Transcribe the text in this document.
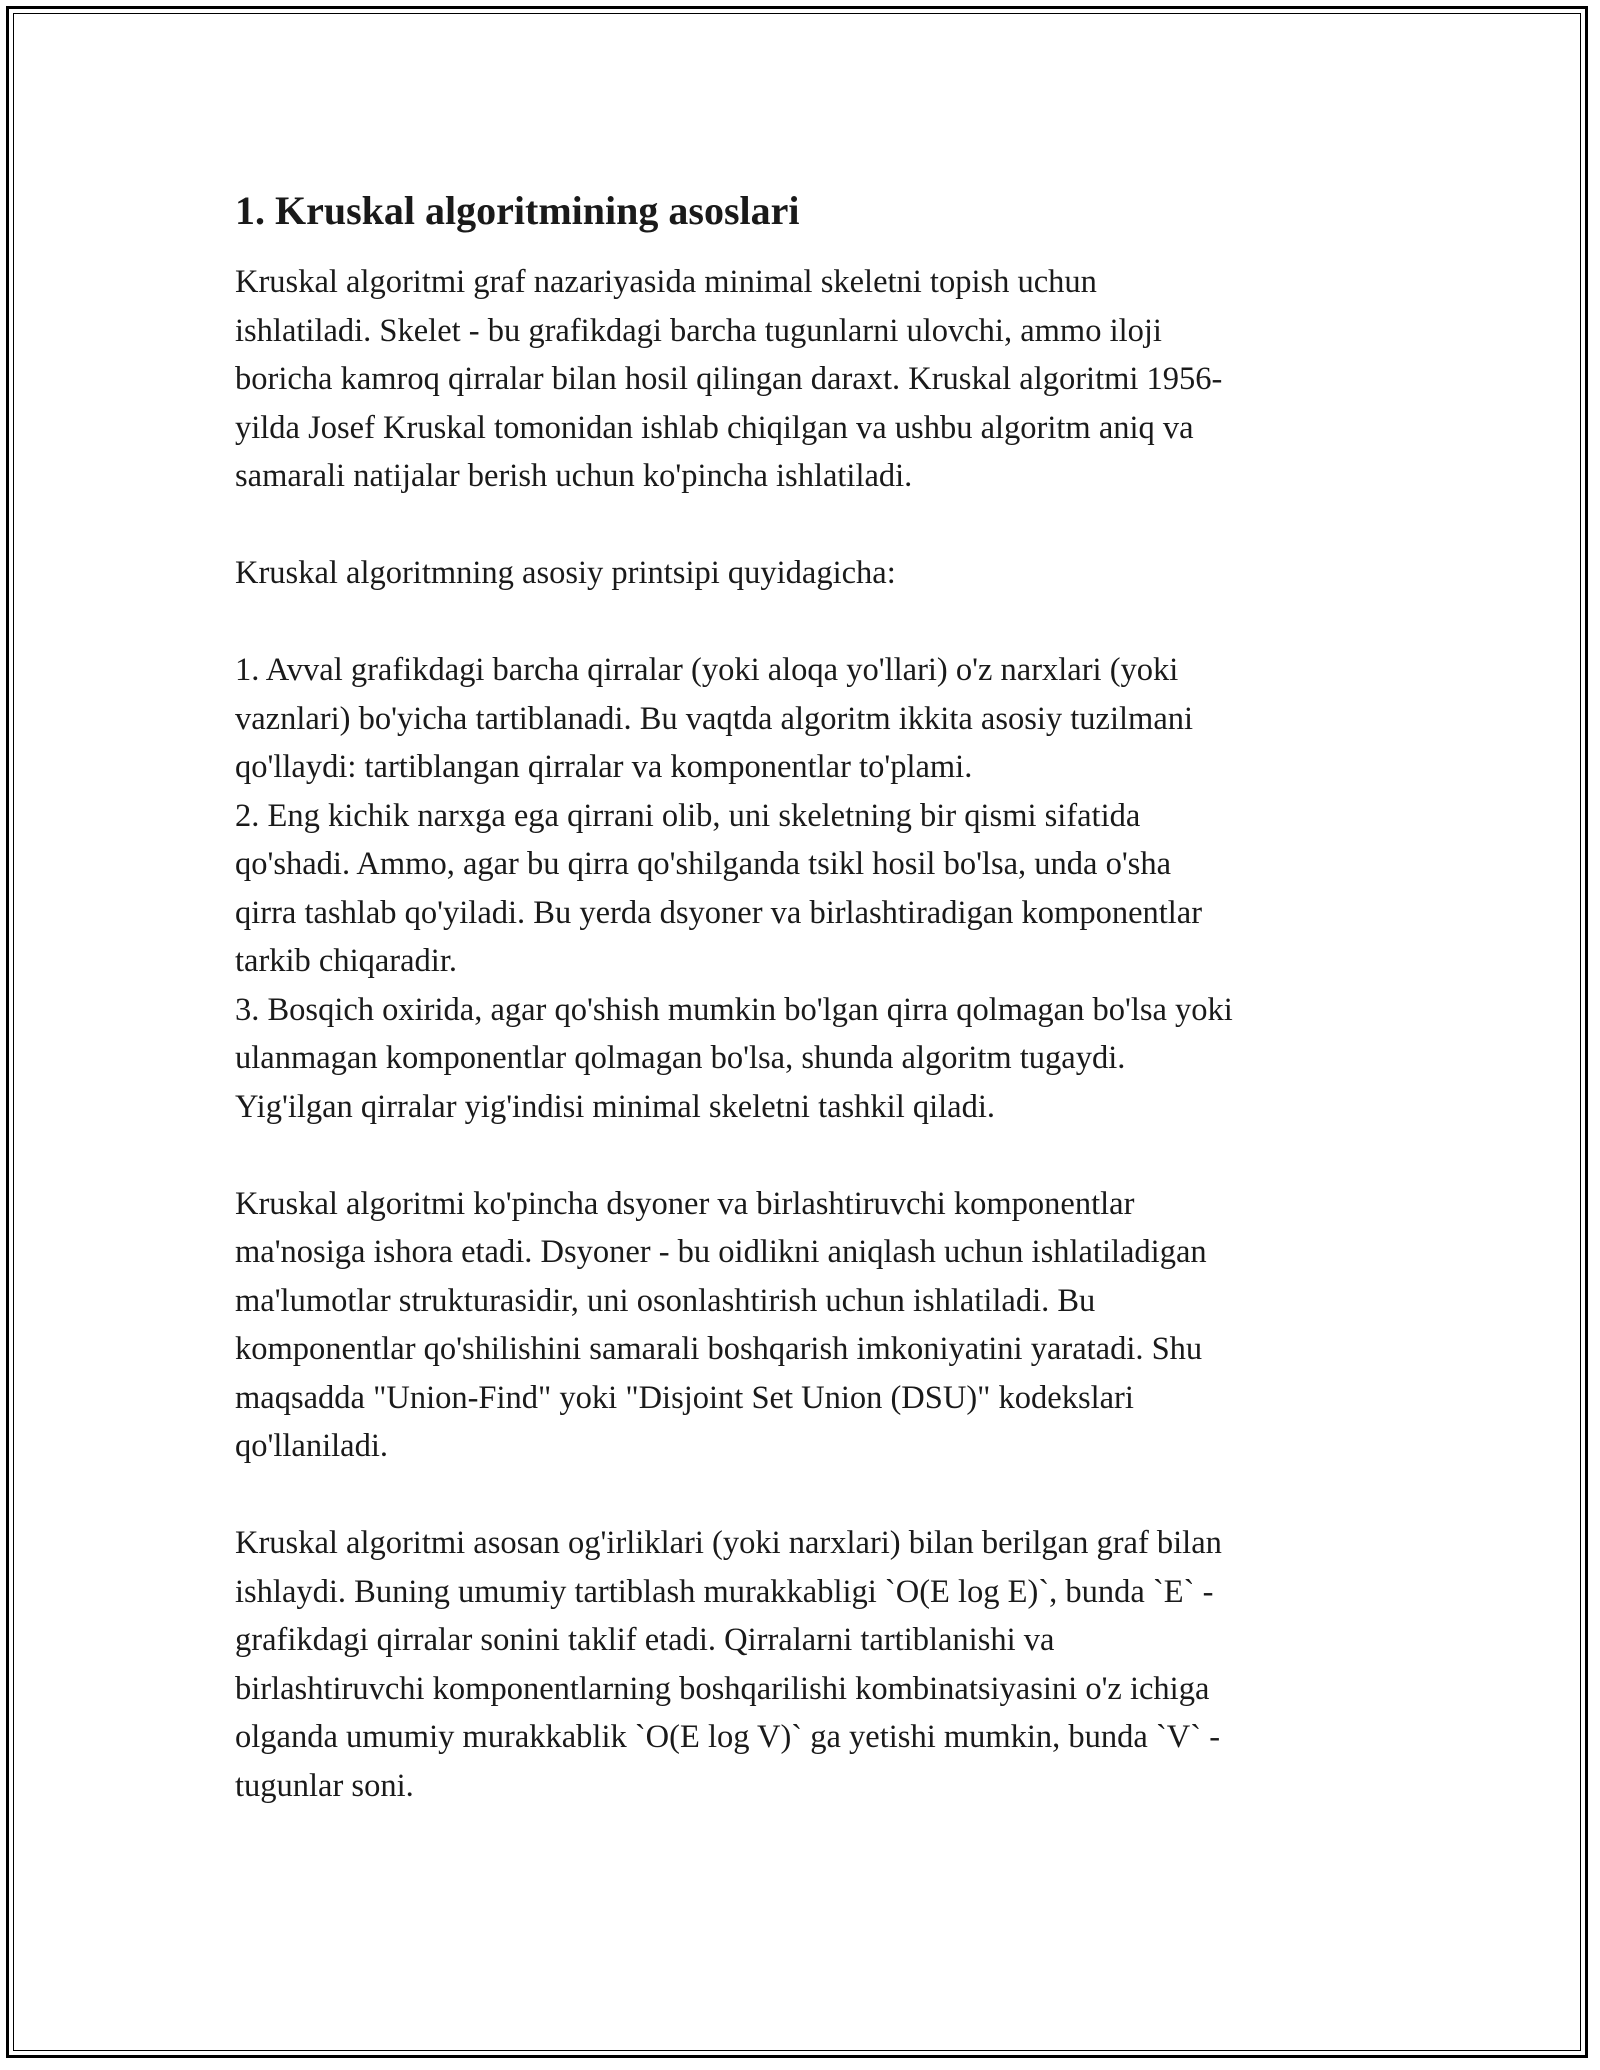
1. Kruskal algoritmining asoslari

Kruskal algoritmi graf nazariyasida minimal skeletni topish uchun
ishlatiladi. Skelet - bu grafikdagi barcha tugunlarni ulovchi, ammo iloji
boricha kamroq qirralar bilan hosil qilingan daraxt. Kruskal algoritmi 1956-
yilda Josef Kruskal tomonidan ishlab chiqilgan va ushbu algoritm aniq va
samarali natijalar berish uchun ko'pincha ishlatiladi.

Kruskal algoritmning asosiy printsipi quyidagicha:

1. Avval grafikdagi barcha qirralar (yoki aloqa yo'llari) o'z narxlari (yoki
vaznlari) bo'yicha tartiblanadi. Bu vaqtda algoritm ikkita asosiy tuzilmani
qo'llaydi: tartiblangan qirralar va komponentlar to'plami.
2. Eng kichik narxga ega qirrani olib, uni skeletning bir qismi sifatida
qo'shadi. Ammo, agar bu qirra qo'shilganda tsikl hosil bo'lsa, unda o'sha
qirra tashlab qo'yiladi. Bu yerda dsyoner va birlashtiradigan komponentlar
tarkib chiqaradir.
3. Bosqich oxirida, agar qo'shish mumkin bo'lgan qirra qolmagan bo'lsa yoki
ulanmagan komponentlar qolmagan bo'lsa, shunda algoritm tugaydi.
Yig'ilgan qirralar yig'indisi minimal skeletni tashkil qiladi.

Kruskal algoritmi ko'pincha dsyoner va birlashtiruvchi komponentlar
ma'nosiga ishora etadi. Dsyoner - bu oidlikni aniqlash uchun ishlatiladigan
ma'lumotlar strukturasidir, uni osonlashtirish uchun ishlatiladi. Bu
komponentlar qo'shilishini samarali boshqarish imkoniyatini yaratadi. Shu
maqsadda "Union-Find" yoki "Disjoint Set Union (DSU)" kodekslari
qo'llaniladi.

Kruskal algoritmi asosan og'irliklari (yoki narxlari) bilan berilgan graf bilan
ishlaydi. Buning umumiy tartiblash murakkabligi `O(E log E)`, bunda `E` -
grafikdagi qirralar sonini taklif etadi. Qirralarni tartiblanishi va
birlashtiruvchi komponentlarning boshqarilishi kombinatsiyasini o'z ichiga
olganda umumiy murakkablik `O(E log V)` ga yetishi mumkin, bunda `V` -
tugunlar soni.
